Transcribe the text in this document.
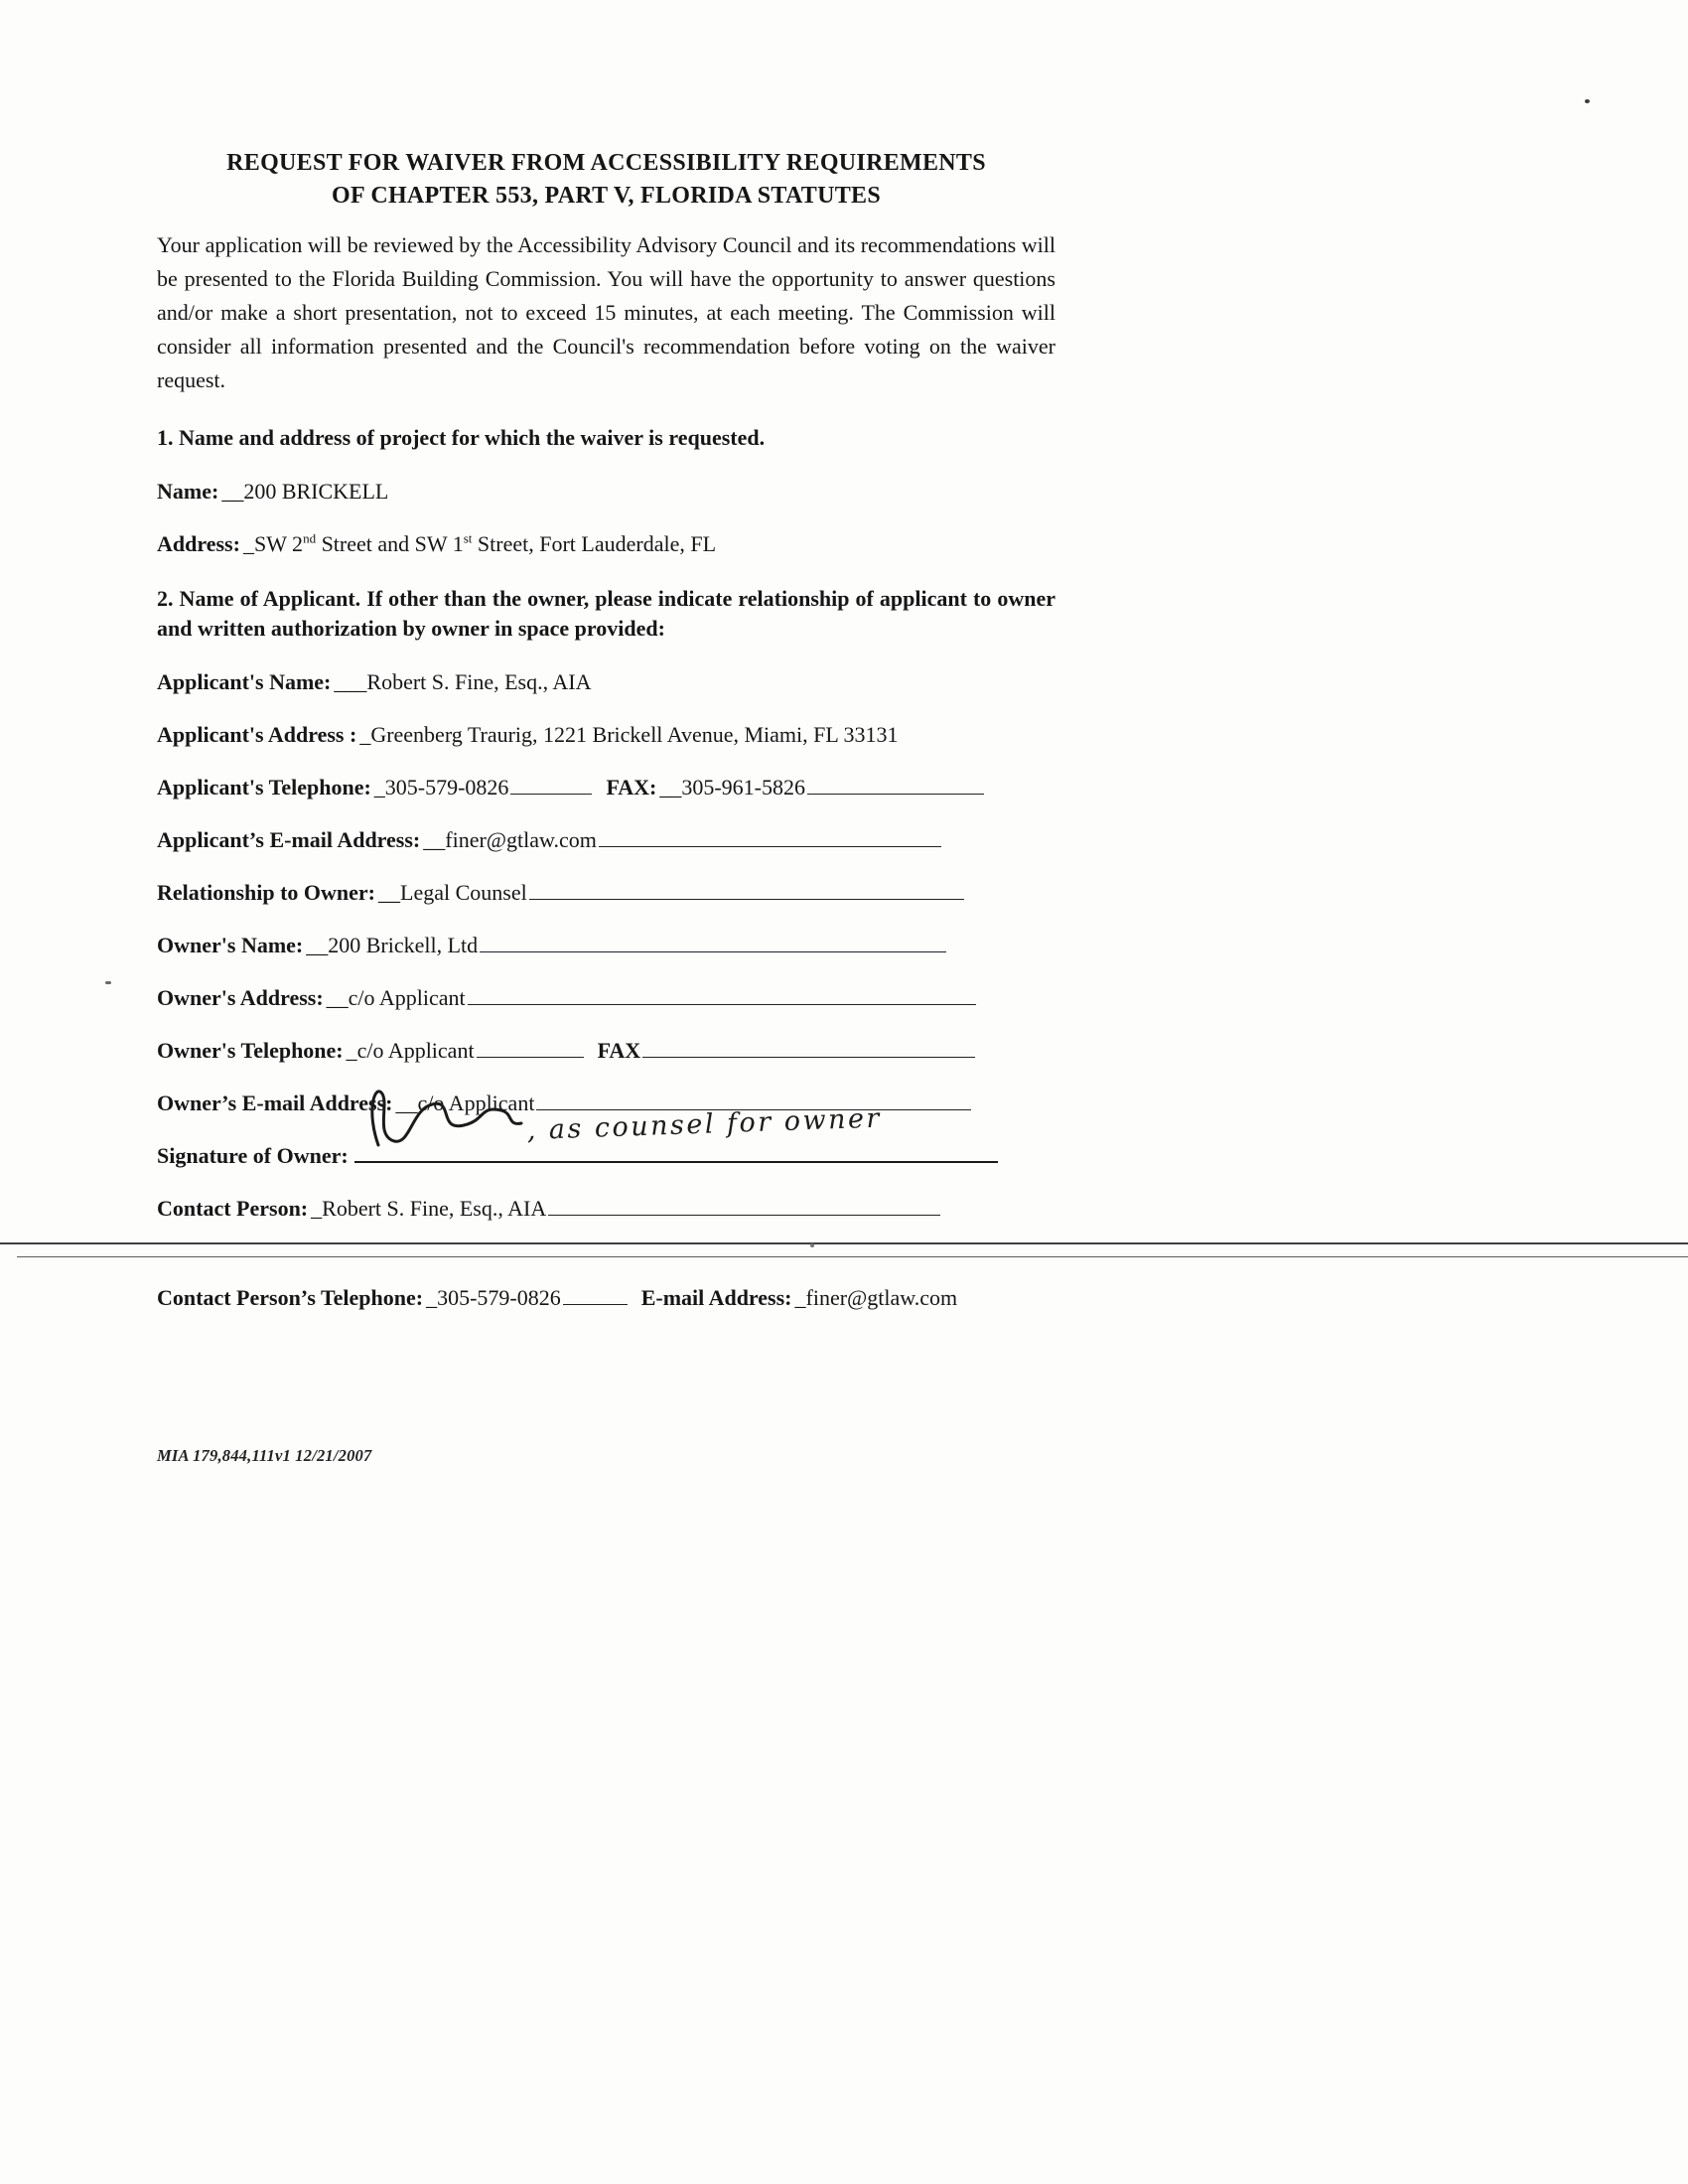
REQUEST FOR WAIVER FROM ACCESSIBILITY REQUIREMENTS
OF CHAPTER 553, PART V, FLORIDA STATUTES

Your application will be reviewed by the Accessibility Advisory Council and its recommendations will be presented to the Florida Building Commission. You will have the opportunity to answer questions and/or make a short presentation, not to exceed 15 minutes, at each meeting. The Commission will consider all information presented and the Council's recommendation before voting on the waiver request.

1. Name and address of project for which the waiver is requested.
Name: __200 BRICKELL
Address: _SW 2nd Street and SW 1st Street, Fort Lauderdale, FL
2. Name of Applicant. If other than the owner, please indicate relationship of applicant to owner and written authorization by owner in space provided:
Applicant's Name: ___Robert S. Fine, Esq., AIA
Applicant's Address : _Greenberg Traurig, 1221 Brickell Avenue, Miami, FL 33131
Applicant's Telephone: _305-579-0826	FAX: __305-961-5826
Applicant’s E-mail Address: __finer@gtlaw.com
Relationship to Owner: __Legal Counsel
Owner's Name: __200 Brickell, Ltd
Owner's Address: __c/o Applicant
Owner's Telephone: _c/o Applicant	FAX
Owner’s E-mail Address: __c/o Applicant
Signature of Owner:
, as counsel for owner
Contact Person: _Robert S. Fine, Esq., AIA
Contact Person’s Telephone: _305-579-0826	E-mail Address: _finer@gtlaw.com
MIA 179,844,111v1 12/21/2007
